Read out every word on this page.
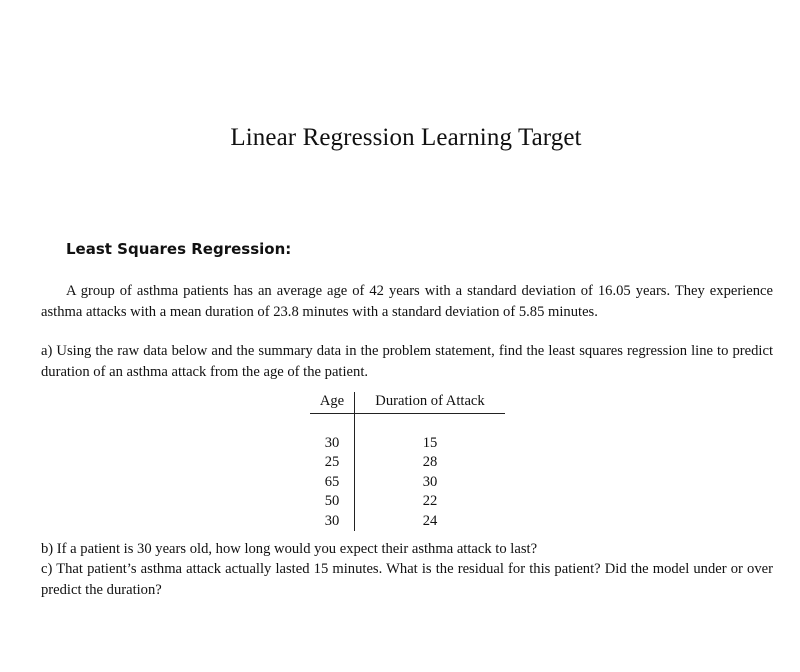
Linear Regression Learning Target
Least Squares Regression:

A group of asthma patients has an average age of 42 years with a standard deviation of 16.05 years. They experience asthma attacks with a mean duration of 23.8 minutes with a standard deviation of 5.85 minutes.

a) Using the raw data below and the summary data in the problem statement, find the least squares regression line to predict duration of an asthma attack from the age of the patient.

Age	Duration of Attack

30	15
25	28
65	30
50	22
30	24

b) If a patient is 30 years old, how long would you expect their asthma attack to last?

c) That patient’s asthma attack actually lasted 15 minutes. What is the residual for this patient? Did the model under or over predict the duration?
